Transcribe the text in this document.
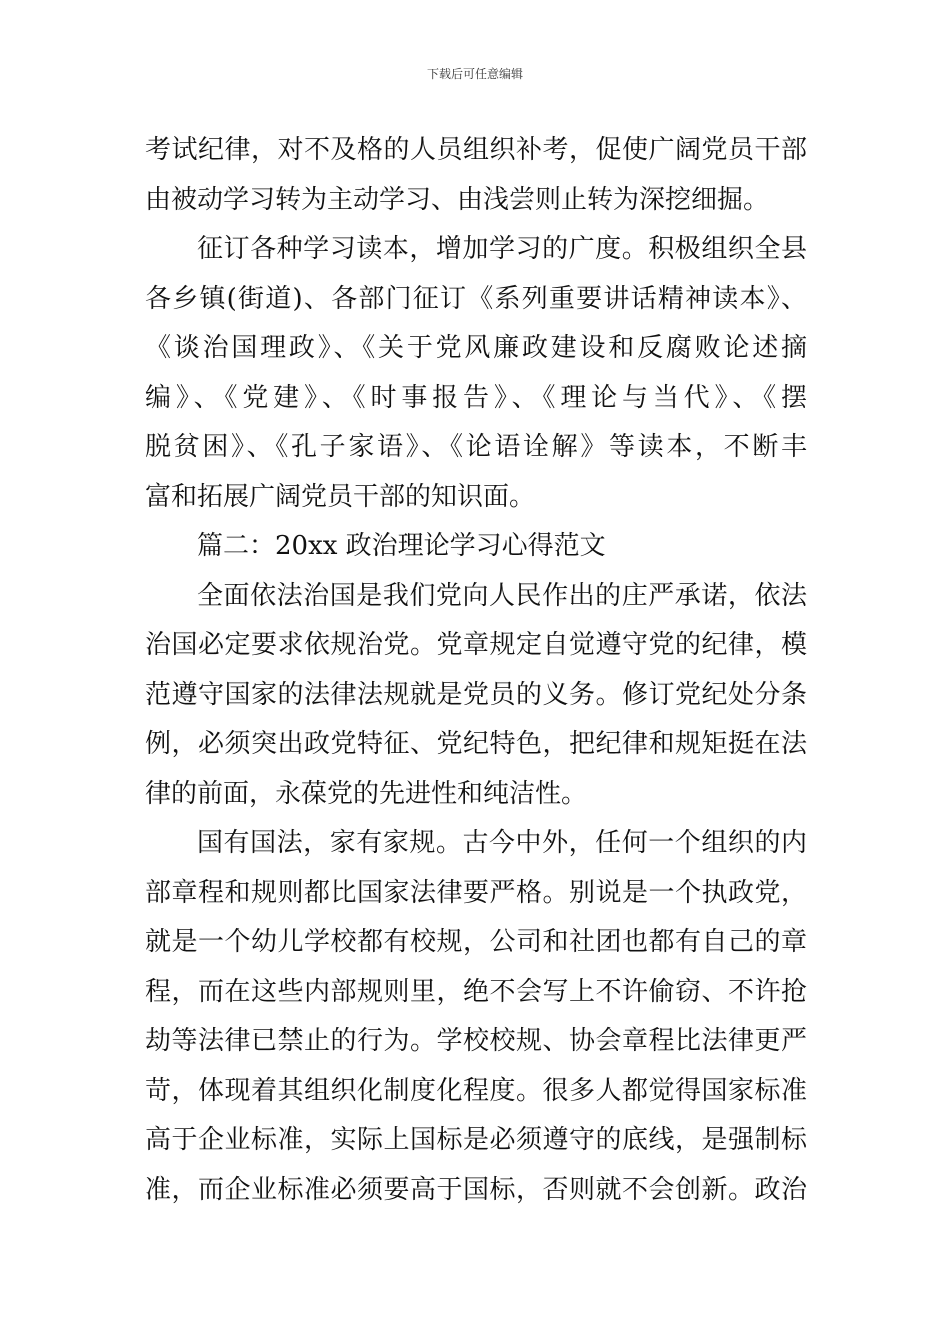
下载后可任意编辑
考试纪律，对不及格的人员组织补考，促使广阔党员干部
由被动学习转为主动学习、由浅尝则止转为深挖细掘。
征订各种学习读本，增加学习的广度。积极组织全县
各乡镇(街道)、各部门征订《系列重要讲话精神读本》、
《谈治国理政》、《关于党风廉政建设和反腐败论述摘
编》、《党建》、《时事报告》、《理论与当代》、《摆
脱贫困》、《孔子家语》、《论语诠解》等读本，不断丰
富和拓展广阔党员干部的知识面。
篇二：20xx 政治理论学习心得范文
全面依法治国是我们党向人民作出的庄严承诺，依法
治国必定要求依规治党。党章规定自觉遵守党的纪律，模
范遵守国家的法律法规就是党员的义务。修订党纪处分条
例，必须突出政党特征、党纪特色，把纪律和规矩挺在法
律的前面，永葆党的先进性和纯洁性。
国有国法，家有家规。古今中外，任何一个组织的内
部章程和规则都比国家法律要严格。别说是一个执政党，
就是一个幼儿学校都有校规，公司和社团也都有自己的章
程，而在这些内部规则里，绝不会写上不许偷窃、不许抢
劫等法律已禁止的行为。学校校规、协会章程比法律更严
苛，体现着其组织化制度化程度。很多人都觉得国家标准
高于企业标准，实际上国标是必须遵守的底线，是强制标
准，而企业标准必须要高于国标，否则就不会创新。政治
